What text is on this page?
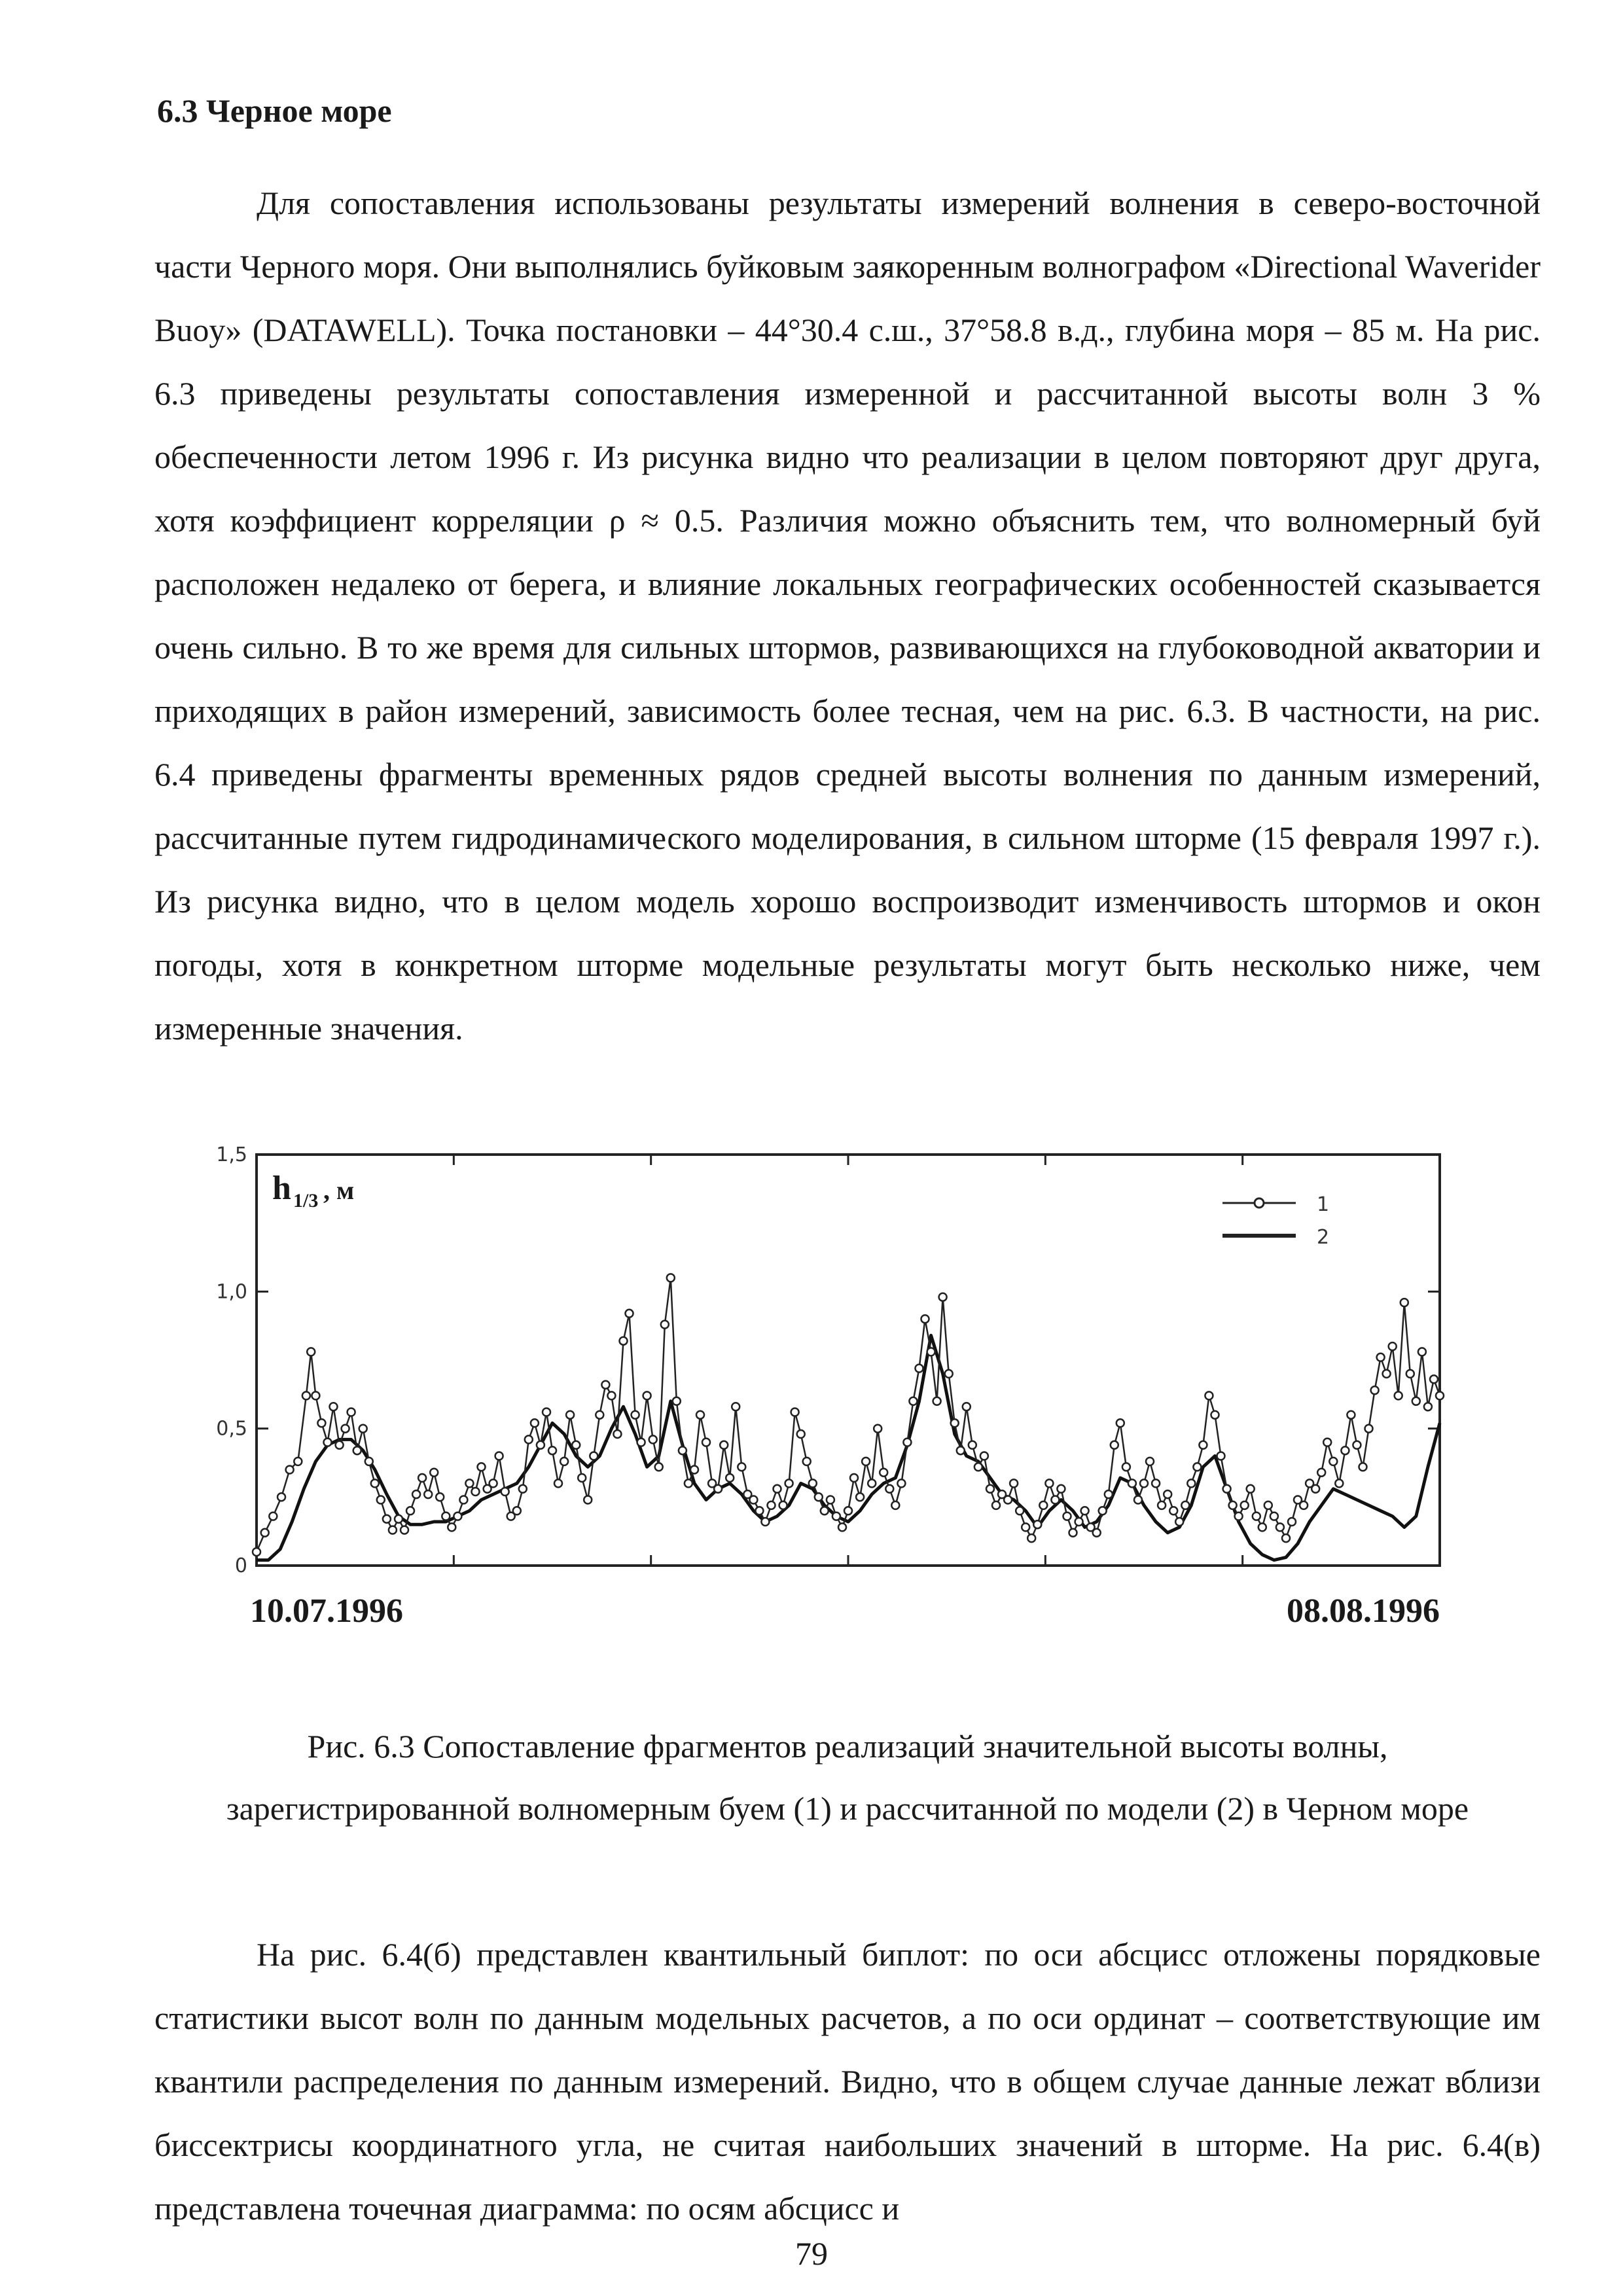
6.3 Черное море
Для сопоставления использованы результаты измерений волнения в северо-восточной части Черного моря. Они выполнялись буйковым заякоренным волнографом «Directional Waverider Buoy» (DATAWELL). Точка постановки – 44°30.4 с.ш., 37°58.8 в.д., глубина моря – 85 м. На рис. 6.3 приведены результаты сопоставления измеренной и рассчитанной высоты волн 3 % обеспеченности летом 1996 г. Из рисунка видно что реализации в целом повторяют друг друга, хотя коэффициент корреляции ρ ≈ 0.5. Различия можно объяснить тем, что волномерный буй расположен недалеко от берега, и влияние локальных географических особенностей сказывается очень сильно. В то же время для сильных штормов, развивающихся на глубоководной акватории и приходящих в район измерений, зависимость более тесная, чем на рис. 6.3. В частности, на рис. 6.4 приведены фрагменты временных рядов средней высоты волнения по данным измерений, рассчитанные путем гидродинамического моделирования, в сильном шторме (15 февраля 1997 г.). Из рисунка видно, что в целом модель хорошо воспроизводит изменчивость штормов и окон погоды, хотя в конкретном шторме модельные результаты могут быть несколько ниже, чем измеренные значения.
0
0,5
1,0
1,5
h 1/3 , м	1
2
10.07.1996	08.08.1996
Рис. 6.3 Сопоставление фрагментов реализаций значительной высоты волны,
зарегистрированной волномерным буем (1) и рассчитанной по модели (2) в Черном море
На рис. 6.4(б) представлен квантильный биплот: по оси абсцисс отложены порядковые статистики высот волн по данным модельных расчетов, а по оси ординат – соответствующие им квантили распределения по данным измерений. Видно, что в общем случае данные лежат вблизи биссектрисы координатного угла, не считая наибольших значений в шторме. На рис. 6.4(в) представлена точечная диаграмма: по осям абсцисс и
79
